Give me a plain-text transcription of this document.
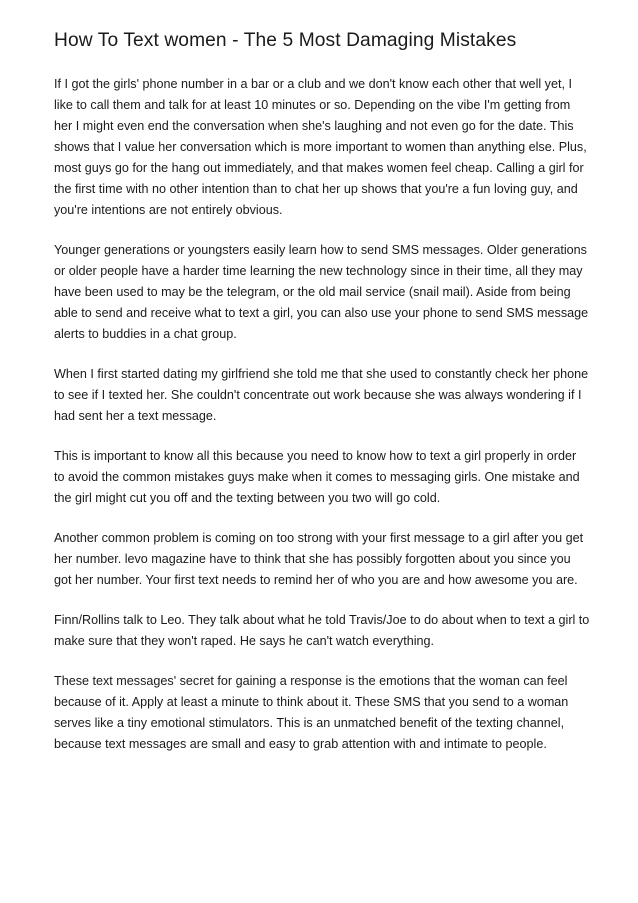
How To Text women - The 5 Most Damaging Mistakes

If I got the girls' phone number in a bar or a club and we don't know each other that well yet, I like to call them and talk for at least 10 minutes or so. Depending on the vibe I'm getting from her I might even end the conversation when she's laughing and not even go for the date. This shows that I value her conversation which is more important to women than anything else. Plus, most guys go for the hang out immediately, and that makes women feel cheap. Calling a girl for the first time with no other intention than to chat her up shows that you're a fun loving guy, and you're intentions are not entirely obvious.

Younger generations or youngsters easily learn how to send SMS messages. Older generations or older people have a harder time learning the new technology since in their time, all they may have been used to may be the telegram, or the old mail service (snail mail). Aside from being able to send and receive what to text a girl, you can also use your phone to send SMS message alerts to buddies in a chat group.

When I first started dating my girlfriend she told me that she used to constantly check her phone to see if I texted her. She couldn't concentrate out work because she was always wondering if I had sent her a text message.

This is important to know all this because you need to know how to text a girl properly in order to avoid the common mistakes guys make when it comes to messaging girls. One mistake and the girl might cut you off and the texting between you two will go cold.

Another common problem is coming on too strong with your first message to a girl after you get her number. levo magazine have to think that she has possibly forgotten about you since you got her number. Your first text needs to remind her of who you are and how awesome you are.

Finn/Rollins talk to Leo. They talk about what he told Travis/Joe to do about when to text a girl to make sure that they won't raped. He says he can't watch everything.

These text messages' secret for gaining a response is the emotions that the woman can feel because of it. Apply at least a minute to think about it. These SMS that you send to a woman serves like a tiny emotional stimulators. This is an unmatched benefit of the texting channel, because text messages are small and easy to grab attention with and intimate to people.
